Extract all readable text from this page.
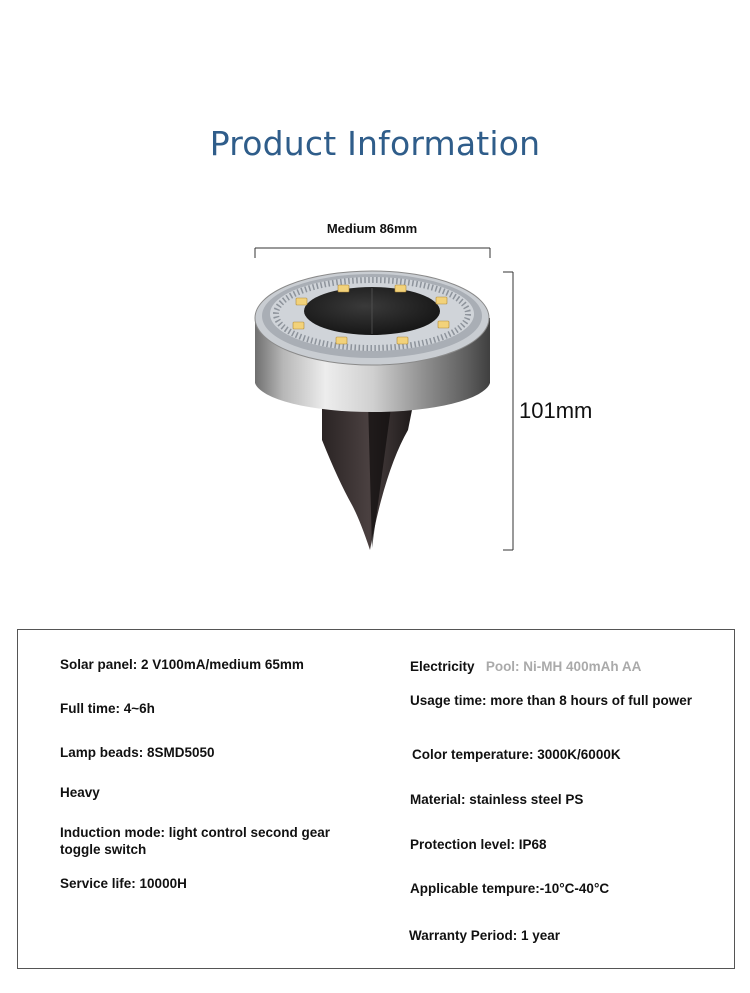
Product Information
Medium 86mm
101mm
Solar panel: 2 V100mA/medium 65mm
Full time: 4~6h
Lamp beads: 8SMD5050
Heavy
Induction mode: light control second gear toggle switch
Service life: 10000H
Electricity Pool: Ni-MH 400mAh AA
Usage time: more than 8 hours of full power
Color temperature: 3000K/6000K
Material: stainless steel PS
Protection level: IP68
Applicable tempure:-10°C-40°C
Warranty Period: 1 year
